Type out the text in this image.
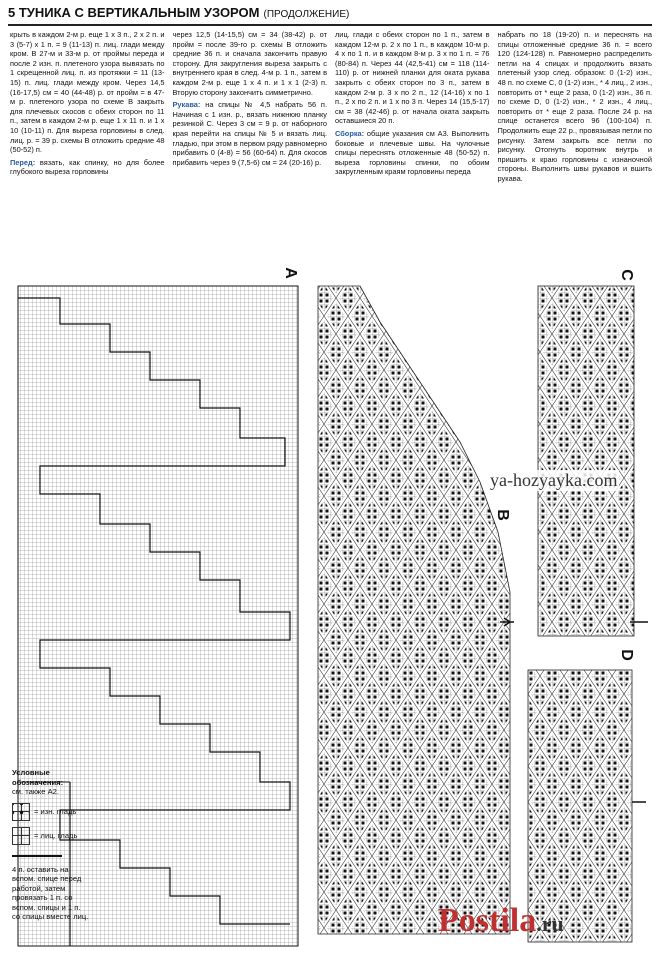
5 ТУНИКА С ВЕРТИКАЛЬНЫМ УЗОРОМ (ПРОДОЛЖЕНИЕ)

крыть в каждом 2-м р. еще 1 х 3 п., 2 х 2 п. и 3 (5-7) х 1 п. = 9 (11-13) п. лиц. глади между кром. В 27-м и 33-м р. от проймы переда и после 2 изн. п. плетеного узора вывязать по 1 скрещенной лиц. п. из протяжки = 11 (13-15) п. лиц. глади между кром. Через 14,5 (16-17,5) см = 40 (44-48) р. от пройм = в 47-м р. плетеного узора по схеме В закрыть для плечевых скосов с обеих сторон по 11 п., затем в каждом 2-м р. еще 1 х 11 п. и 1 х 10 (10-11) п. Для выреза горловины в след. лиц. р. = 39 р. схемы В отложить средние 48 (50-52) п.

Перед: вязать, как спинку, но для более глубокого выреза горловины

через 12,5 (14-15,5) см = 34 (38-42) р. от пройм = после 39-го р. схемы В отложить средние 36 п. и сначала закончить правую сторону. Для закругления выреза закрыть с внутреннего края в след. 4-м р. 1 п., затем в каждом 2-м р. еще 1 х 4 п. и 1 х 1 (2-3) п. Вторую сторону закончить симметрично.

Рукава: на спицы № 4,5 набрать 56 п. Начиная с 1 изн. р., вязать нижнюю планку резинкой С. Через 3 см = 9 р. от наборного края перейти на спицы № 5 и вязать лиц. гладью, при этом в первом ряду равномерно прибавить 0 (4-8) = 56 (60-64) п. Для скосов прибавить через 9 (7,5-6) см = 24 (20-16) р.

лиц. глади с обеих сторон по 1 п., затем в каждом 12-м р. 2 х по 1 п., в каждом 10-м р. 4 х по 1 п. и в каждом 8-м р. 3 х по 1 п. = 76 (80-84) п. Через 44 (42,5-41) см = 118 (114-110) р. от нижней планки для оката рукава закрыть с обеих сторон по 3 п., затем в каждом 2-м р. 3 х по 2 п., 12 (14-16) х по 1 п., 2 х по 2 п. и 1 х по 3 п. Через 14 (15,5-17) см = 38 (42-46) р. от начала оката закрыть оставшиеся 20 п.

Сборка: общие указания см А3. Выполнить боковые и плечевые швы. На чулочные спицы переснять отложенные 48 (50-52) п. выреза горловины спинки, по обоим закругленным краям горловины переда

набрать по 18 (19-20) п. и переснять на спицы отложенные средние 36 п. = всего 120 (124-128) п. Равномерно распределить петли на 4 спицах и продолжить вязать плетеный узор след. образом: 0 (1-2) изн., 48 п. по схеме С, 0 (1-2) изн., * 4 лиц., 2 изн., повторить от * еще 2 раза, 0 (1-2) изн., 36 п. по схеме D, 0 (1-2) изн., * 2 изн., 4 лиц., повторить от * еще 2 раза. После 24 р. на спице останется всего 96 (100-104) п. Продолжить еще 22 р., провязывая петли по рисунку. Затем закрыть все петли по рисунку. Отогнуть воротник внутрь и пришить к краю горловины с изнаночной стороны. Выполнить швы рукавов и вшить рукава.

A
B
C
D
Условные обозначения:
см. также А2.
= изн. гладь
= лиц. гладь
4 п. оставить на вспом. спице перед работой, затем провязать 1 п. со вспом. спицы и 1 п. со спицы вместе лиц.
ya-hozyayka.com
Postila.ru
